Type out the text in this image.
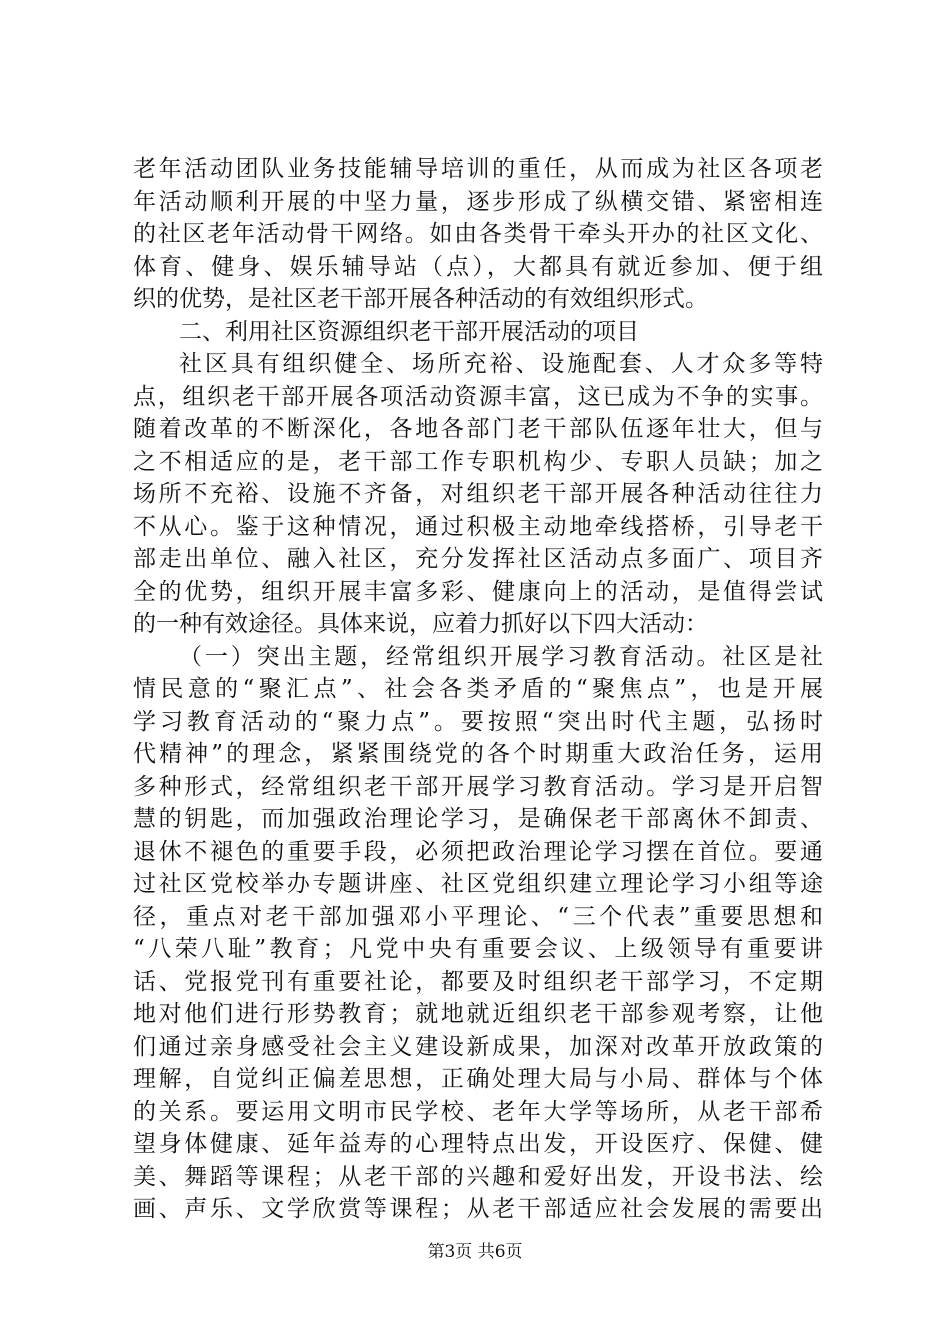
老年活动团队业务技能辅导培训的重任，从而成为社区各项老
年活动顺利开展的中坚力量，逐步形成了纵横交错、紧密相连
的社区老年活动骨干网络。如由各类骨干牵头开办的社区文化、
体育、健身、娱乐辅导站（点），大都具有就近参加、便于组
织的优势，是社区老干部开展各种活动的有效组织形式。
二、利用社区资源组织老干部开展活动的项目
社区具有组织健全、场所充裕、设施配套、人才众多等特
点，组织老干部开展各项活动资源丰富，这已成为不争的实事。
随着改革的不断深化，各地各部门老干部队伍逐年壮大，但与
之不相适应的是，老干部工作专职机构少、专职人员缺；加之
场所不充裕、设施不齐备，对组织老干部开展各种活动往往力
不从心。鉴于这种情况，通过积极主动地牵线搭桥，引导老干
部走出单位、融入社区，充分发挥社区活动点多面广、项目齐
全的优势，组织开展丰富多彩、健康向上的活动，是值得尝试
的一种有效途径。具体来说，应着力抓好以下四大活动：
（一）突出主题，经常组织开展学习教育活动。社区是社
情民意的“聚汇点”、社会各类矛盾的“聚焦点”，也是开展
学习教育活动的“聚力点”。要按照“突出时代主题，弘扬时
代精神”的理念，紧紧围绕党的各个时期重大政治任务，运用
多种形式，经常组织老干部开展学习教育活动。学习是开启智
慧的钥匙，而加强政治理论学习，是确保老干部离休不卸责、
退休不褪色的重要手段，必须把政治理论学习摆在首位。要通
过社区党校举办专题讲座、社区党组织建立理论学习小组等途
径，重点对老干部加强邓小平理论、“三个代表”重要思想和
“八荣八耻”教育；凡党中央有重要会议、上级领导有重要讲
话、党报党刊有重要社论，都要及时组织老干部学习，不定期
地对他们进行形势教育；就地就近组织老干部参观考察，让他
们通过亲身感受社会主义建设新成果，加深对改革开放政策的
理解，自觉纠正偏差思想，正确处理大局与小局、群体与个体
的关系。要运用文明市民学校、老年大学等场所，从老干部希
望身体健康、延年益寿的心理特点出发，开设医疗、保健、健
美、舞蹈等课程；从老干部的兴趣和爱好出发，开设书法、绘
画、声乐、文学欣赏等课程；从老干部适应社会发展的需要出
第3页 共6页
